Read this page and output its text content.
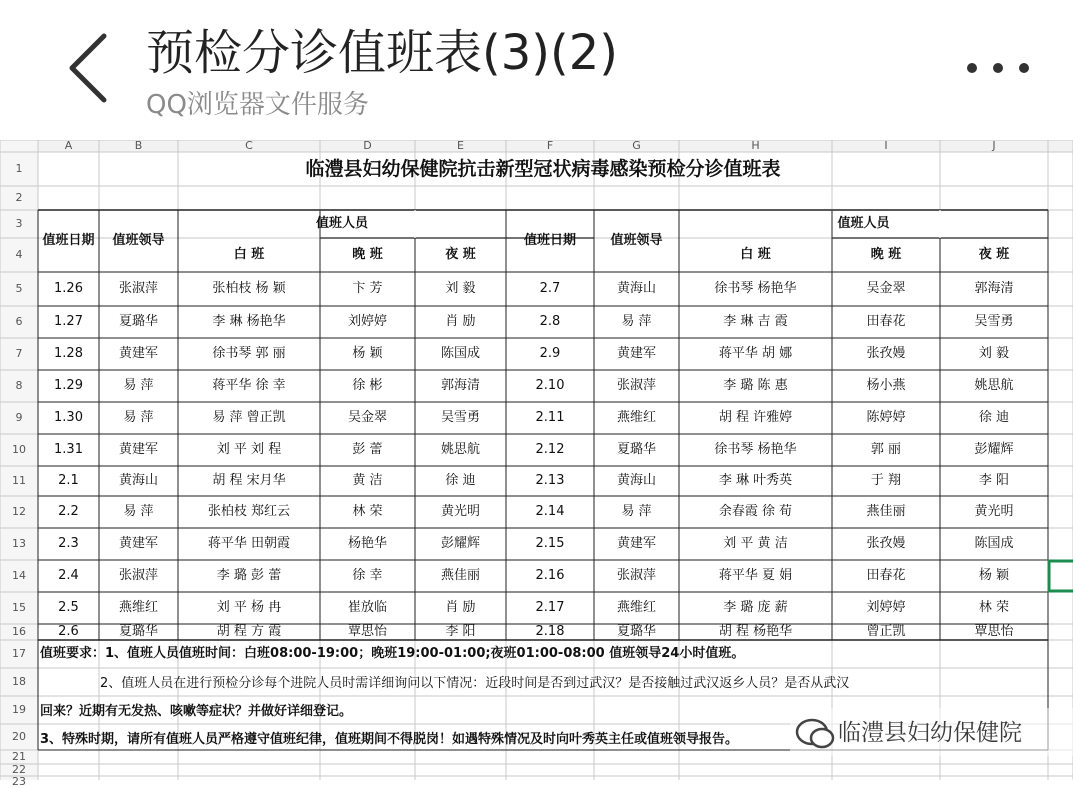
预检分诊值班表(3)(2)
QQ浏览器文件服务
A	B	C	D	E	F	G	H	I	J
1
2
3
4
5
6
7
8
9
10
11
12
13
14
15
16
17
18
19
20
21
22
23
临澧县妇幼保健院抗击新型冠状病毒感染预检分诊值班表
值班日期	值班领导	值班日期	值班领导
值班人员	值班人员
白 班	晚 班	夜 班	白 班	晚 班	夜 班
1.26	张淑萍	张柏枝 杨 颖	卞 芳	刘 毅	2.7	黄海山	徐书琴 杨艳华	吴金翠	郭海清
1.27	夏璐华	李 琳 杨艳华	刘婷婷	肖 励	2.8	易 萍	李 琳 吉 霞	田春花	吴雪勇
1.28	黄建军	徐书琴 郭 丽	杨 颖	陈国成	2.9	黄建军	蒋平华 胡 娜	张孜嫚	刘 毅
1.29	易 萍	蒋平华 徐 幸	徐 彬	郭海清	2.10	张淑萍	李 璐 陈 惠	杨小燕	姚思航
1.30	易 萍	易 萍 曾正凯	吴金翠	吴雪勇	2.11	燕维红	胡 程 许雅婷	陈婷婷	徐 迪
1.31	黄建军	刘 平 刘 程	彭 蕾	姚思航	2.12	夏璐华	徐书琴 杨艳华	郭 丽	彭耀辉
2.1	黄海山	胡 程 宋月华	黄 洁	徐 迪	2.13	黄海山	李 琳 叶秀英	于 翔	李 阳
2.2	易 萍	张柏枝 郑红云	林 荣	黄光明	2.14	易 萍	余春霞 徐 荀	燕佳丽	黄光明
2.3	黄建军	蒋平华 田朝霞	杨艳华	彭耀辉	2.15	黄建军	刘 平 黄 洁	张孜嫚	陈国成
2.4	张淑萍	李 璐 彭 蕾	徐 幸	燕佳丽	2.16	张淑萍	蒋平华 夏 娟	田春花	杨 颖
2.5	燕维红	刘 平 杨 冉	崔放临	肖 励	2.17	燕维红	李 璐 庞 薪	刘婷婷	林 荣
2.6	夏璐华	胡 程 方 霞	覃思怡	李 阳	2.18	夏璐华	胡 程 杨艳华	曾正凯	覃思怡
值班要求：1、值班人员值班时间：白班08:00-19:00；晚班19:00-01:00;夜班01:00-08:00 值班领导24小时值班。
2、值班人员在进行预检分诊每个进院人员时需详细询问以下情况：近段时间是否到过武汉？是否接触过武汉返乡人员？是否从武汉
回来？近期有无发热、咳嗽等症状？并做好详细登记。
3、特殊时期，请所有值班人员严格遵守值班纪律，值班期间不得脱岗！如遇特殊情况及时向叶秀英主任或值班领导报告。	临澧县妇幼保健院
